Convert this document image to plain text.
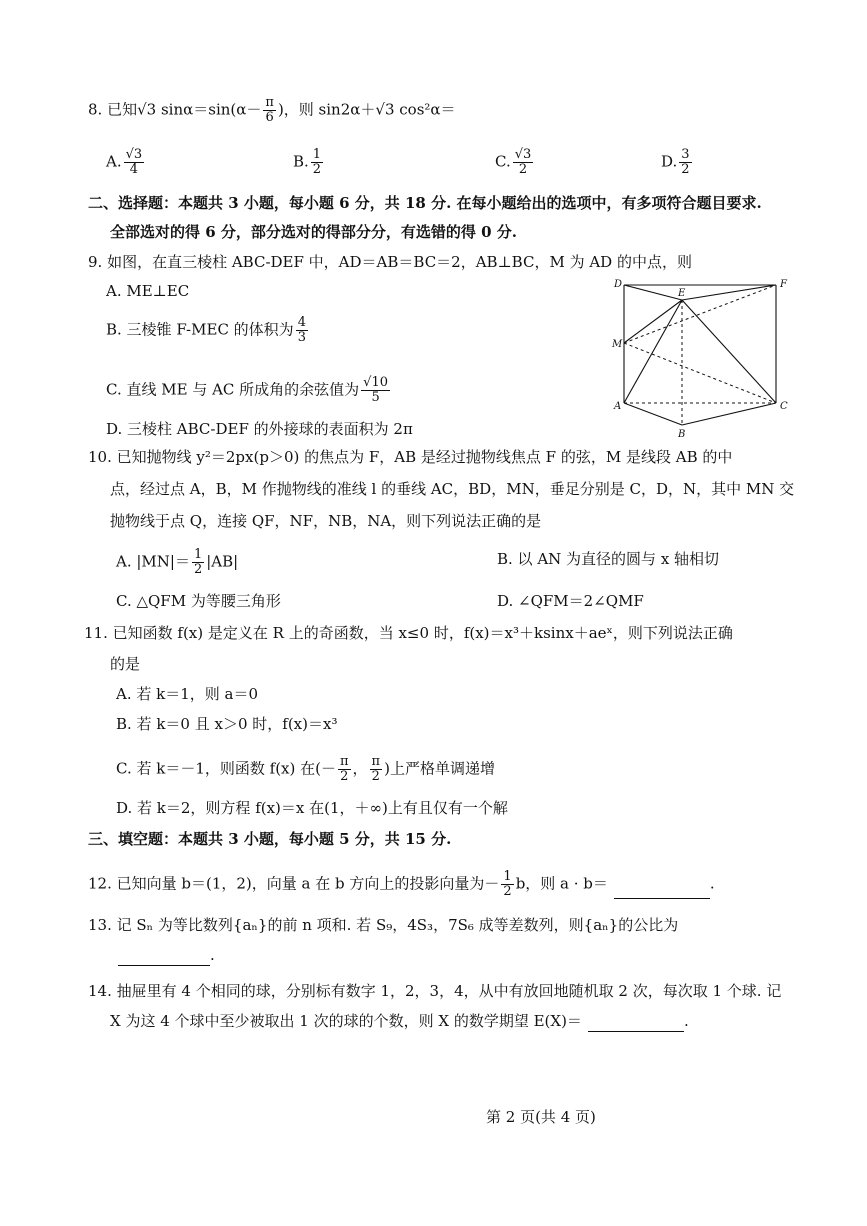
8. 已知√3 $\sin\alpha=\sin(\alpha- \frac{\pi}{6}$ )，则 sin2α＋√3 cos²α＝
A. $\frac{√3}{4}$	B. $\frac{1}{2}$	C. $\frac{√3}{2}$	D. $\frac{3}{2}$
二、选择题：本题共 3 小题，每小题 6 分，共 18 分. 在每小题给出的选项中，有多项符合题目要求.
全部选对的得 6 分，部分选对的得部分分，有选错的得 0 分.
9. 如图，在直三棱柱 ABC-DEF 中，AD＝AB＝BC＝2，AB⊥BC，M 为 AD 的中点，则
A. ME⊥EC
B. 三棱锥 F-MEC 的体积为 $\frac{4}{3}$
C. 直线 ME 与 AC 所成角的余弦值为 $\frac{√10}{5}$
D. 三棱柱 ABC-DEF 的外接球的表面积为 2π
D
E
F
M
A
B
C
10. 已知抛物线 y²＝2px(p＞0) 的焦点为 F，AB 是经过抛物线焦点 F 的弦，M 是线段 AB 的中
点，经过点 A，B，M 作抛物线的准线 l 的垂线 AC，BD，MN，垂足分别是 C，D，N，其中 MN 交
抛物线于点 Q，连接 QF，NF，NB，NA，则下列说法正确的是
A. $|MN|= \frac{1}{2} |AB|$	B. 以 AN 为直径的圆与 x 轴相切
C. △QFM 为等腰三角形	D. ∠QFM＝2∠QMF
11. 已知函数 f(x) 是定义在 R 上的奇函数，当 x≤0 时，f(x)＝x³＋ksinx＋aeˣ，则下列说法正确
的是
A. 若 k＝1，则 a＝0
B. 若 k＝0 且 x＞0 时，f(x)＝x³
C. 若 k＝－1，则函数 f(x) 在(－ $\frac{\pi}{2}$ ， $\frac{\pi}{2}$ )上严格单调递增
D. 若 k＝2，则方程 f(x)＝x 在(1，＋∞)上有且仅有一个解
三、填空题：本题共 3 小题，每小题 5 分，共 15 分.
12. 已知向量 b＝(1，2)，向量 a 在 b 方向上的投影向量为－ $\frac{1}{2}$ b，则 a · b＝	.
13. 记 Sₙ 为等比数列{aₙ}的前 n 项和. 若 S₉，4S₃，7S₆ 成等差数列，则{aₙ}的公比为
.
14. 抽屉里有 4 个相同的球，分别标有数字 1，2，3，4，从中有放回地随机取 2 次，每次取 1 个球. 记
X 为这 4 个球中至少被取出 1 次的球的个数，则 X 的数学期望 E(X)＝	.
第 2 页(共 4 页)
